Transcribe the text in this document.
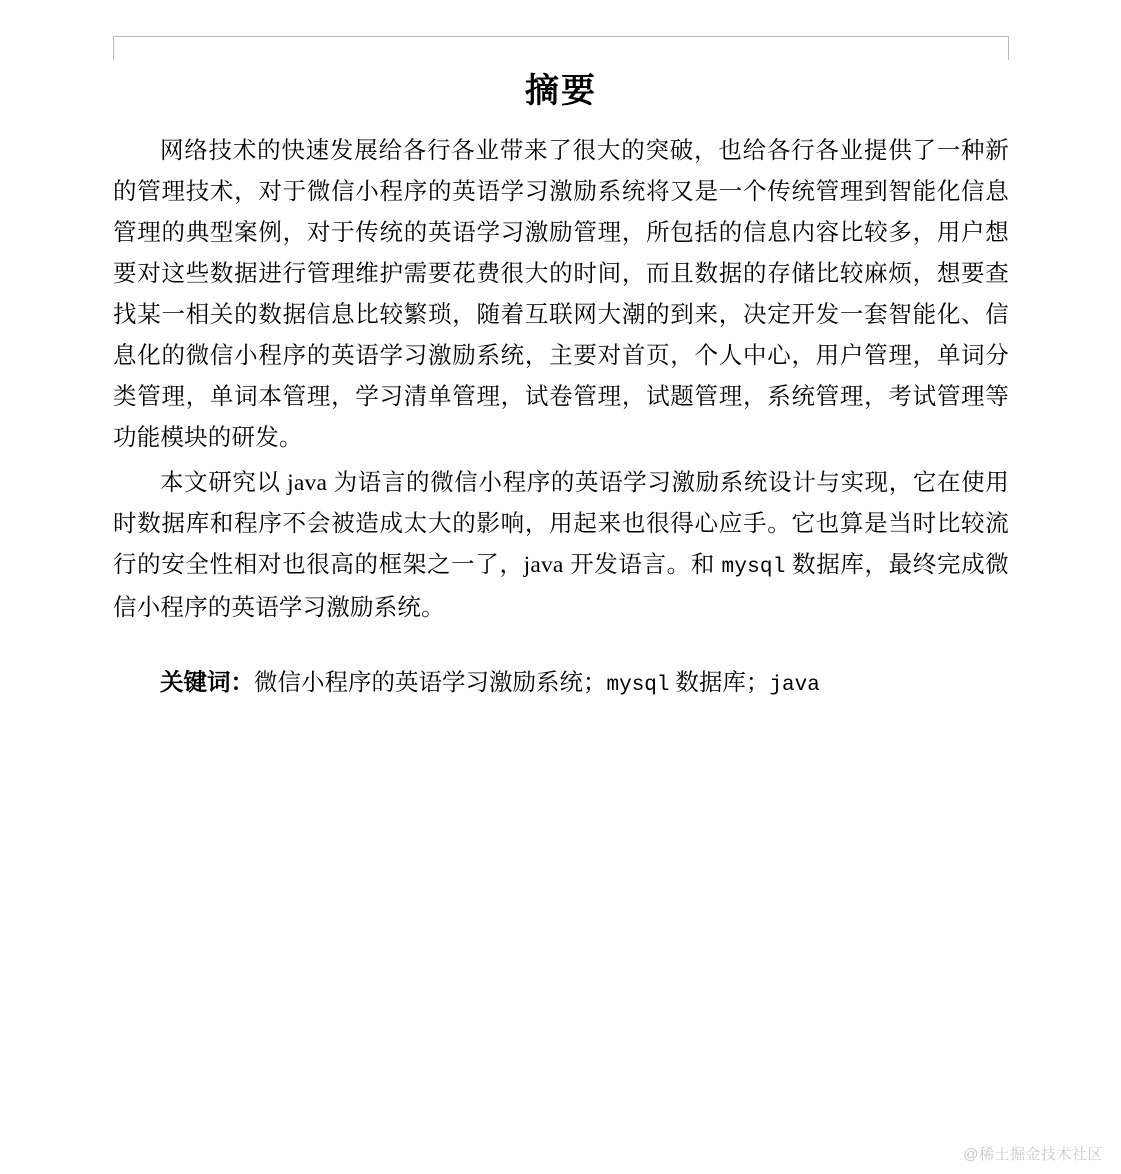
摘要

网络技术的快速发展给各行各业带来了很大的突破，也给各行各业提供了一种新的管理技术，对于微信小程序的英语学习激励系统将又是一个传统管理到智能化信息管理的典型案例，对于传统的英语学习激励管理，所包括的信息内容比较多，用户想要对这些数据进行管理维护需要花费很大的时间，而且数据的存储比较麻烦，想要查找某一相关的数据信息比较繁琐，随着互联网大潮的到来，决定开发一套智能化、信息化的微信小程序的英语学习激励系统，主要对首页，个人中心，用户管理，单词分类管理，单词本管理，学习清单管理，试卷管理，试题管理，系统管理，考试管理等功能模块的研发。

本文研究以 java 为语言的微信小程序的英语学习激励系统设计与实现，它在使用时数据库和程序不会被造成太大的影响，用起来也很得心应手。它也算是当时比较流行的安全性相对也很高的框架之一了，java 开发语言。和 mysql 数据库，最终完成微信小程序的英语学习激励系统。

关键词：微信小程序的英语学习激励系统；mysql 数据库；java

@稀土掘金技术社区
